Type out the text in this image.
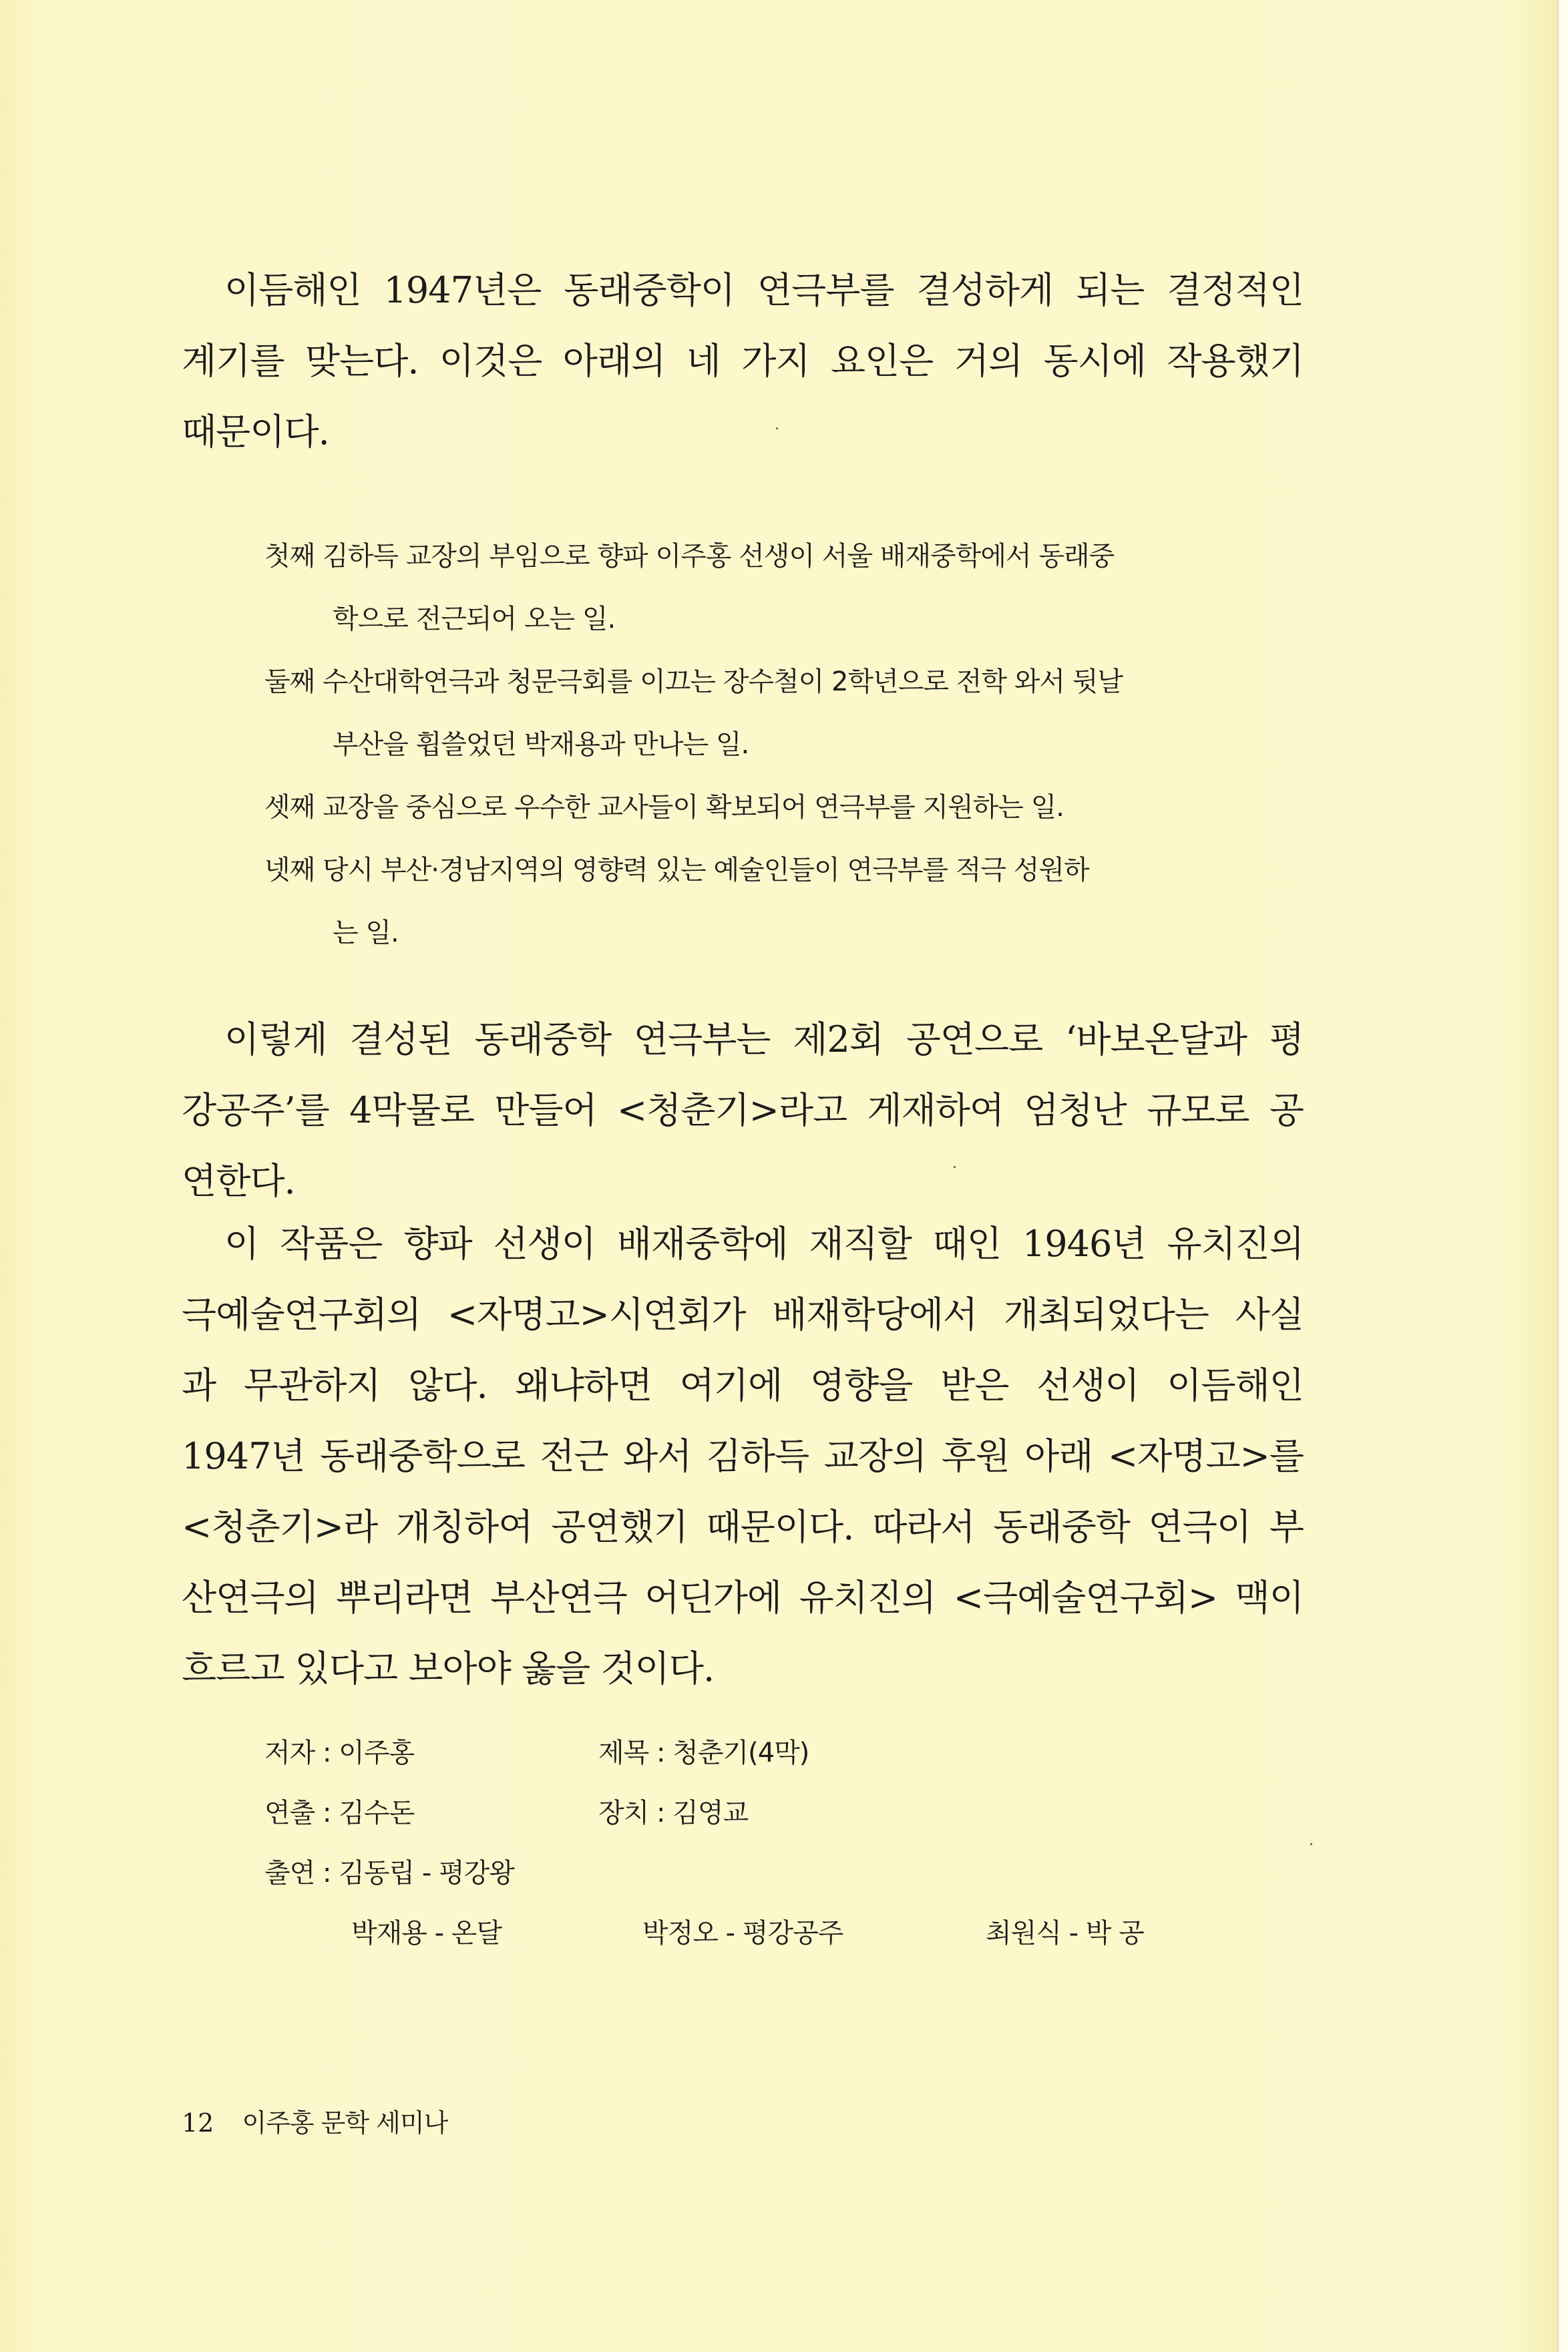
이듬해인 1947년은 동래중학이 연극부를 결성하게 되는 결정적인
계기를 맞는다. 이것은 아래의 네 가지 요인은 거의 동시에 작용했기
때문이다.
첫째 김하득 교장의 부임으로 향파 이주홍 선생이 서울 배재중학에서 동래중
학으로 전근되어 오는 일.
둘째 수산대학연극과 청문극회를 이끄는 장수철이 2학년으로 전학 와서 뒷날
부산을 휩쓸었던 박재용과 만나는 일.
셋째 교장을 중심으로 우수한 교사들이 확보되어 연극부를 지원하는 일.
넷째 당시 부산·경남지역의 영향력 있는 예술인들이 연극부를 적극 성원하
는 일.
이렇게 결성된 동래중학 연극부는 제2회 공연으로 ‘바보온달과 평
강공주’를 4막물로 만들어 <청춘기>라고 게재하여 엄청난 규모로 공
연한다.
이 작품은 향파 선생이 배재중학에 재직할 때인 1946년 유치진의
극예술연구회의 <자명고>시연회가 배재학당에서 개최되었다는 사실
과 무관하지 않다. 왜냐하면 여기에 영향을 받은 선생이 이듬해인
1947년 동래중학으로 전근 와서 김하득 교장의 후원 아래 <자명고>를
<청춘기>라 개칭하여 공연했기 때문이다. 따라서 동래중학 연극이 부
산연극의 뿌리라면 부산연극 어딘가에 유치진의 <극예술연구회> 맥이
흐르고 있다고 보아야 옳을 것이다.
저자 : 이주홍	제목 : 청춘기(4막)
연출 : 김수돈	장치 : 김영교
출연 : 김동립 - 평강왕
박재용 - 온달	박정오 - 평강공주	최원식 - 박 공
12 이주홍 문학 세미나
